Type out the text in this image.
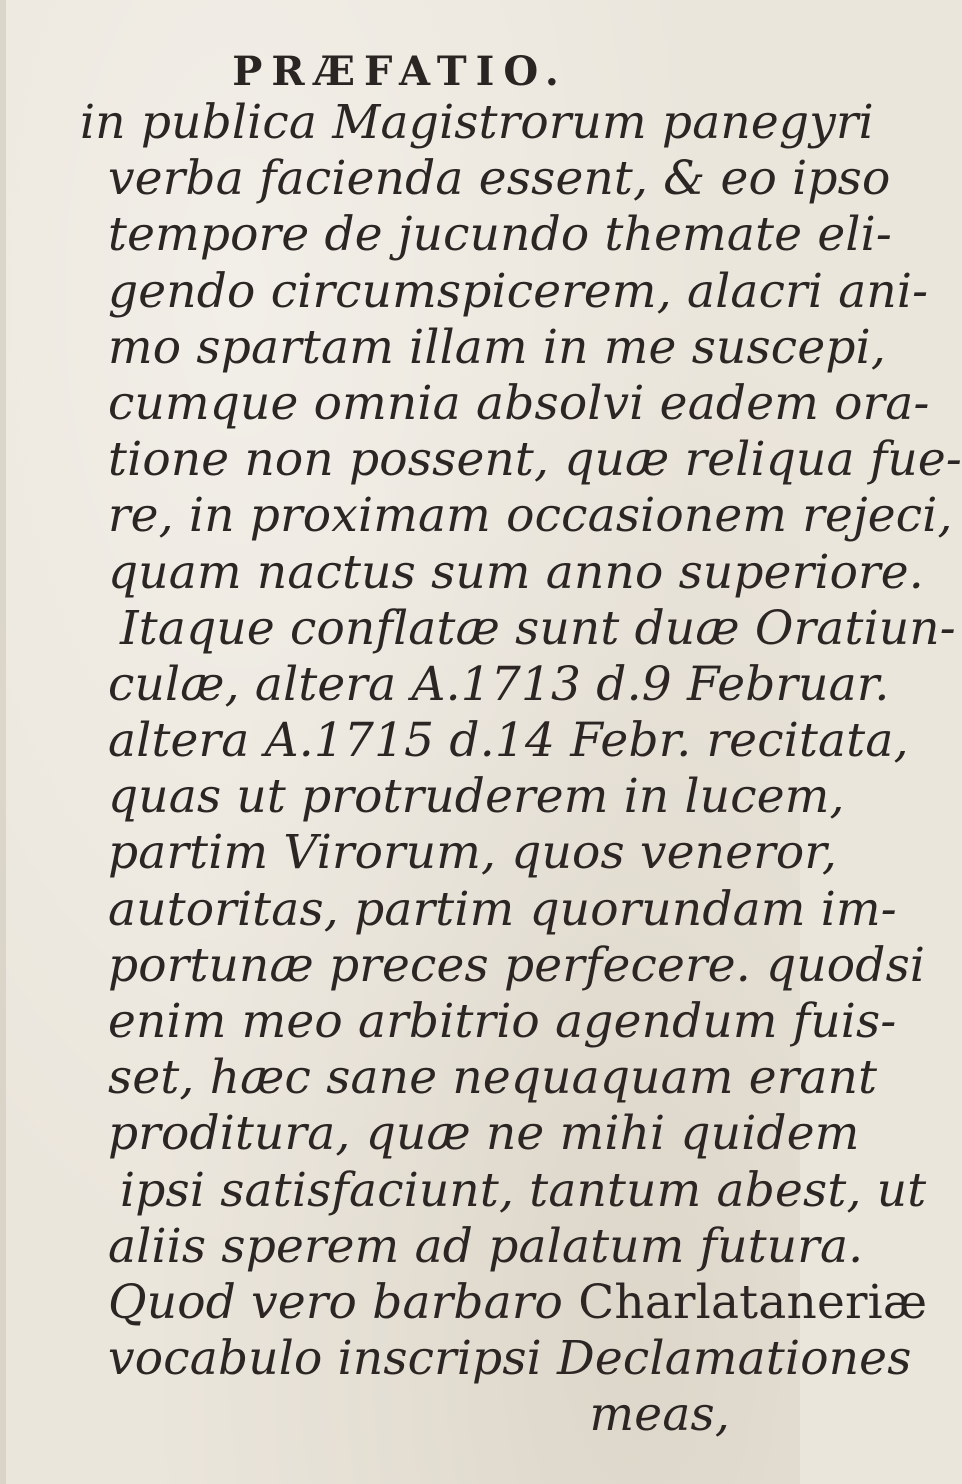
PRÆFATIO.
in publica Magistrorum panegyri
verba facienda essent, & eo ipso
tempore de jucundo themate eli-
gendo circumspicerem, alacri ani-
mo spartam illam in me suscepi,
cumque omnia absolvi eadem ora-
tione non possent, quæ reliqua fue-
re, in proximam occasionem rejeci,
quam nactus sum anno superiore.
Itaque conflatæ sunt duæ Oratiun-
culæ, altera A.1713 d.9 Februar.
altera A.1715 d.14 Febr. recitata,
quas ut protruderem in lucem,
partim Virorum, quos veneror,
autoritas, partim quorundam im-
portunæ preces perfecere. quodsi
enim meo arbitrio agendum fuis-
set, hæc sane nequaquam erant
proditura, quæ ne mihi quidem
ipsi satisfaciunt, tantum abest, ut
aliis sperem ad palatum futura.
Quod vero barbaro Charlataneriæ
vocabulo inscripsi Declamationes
meas,
